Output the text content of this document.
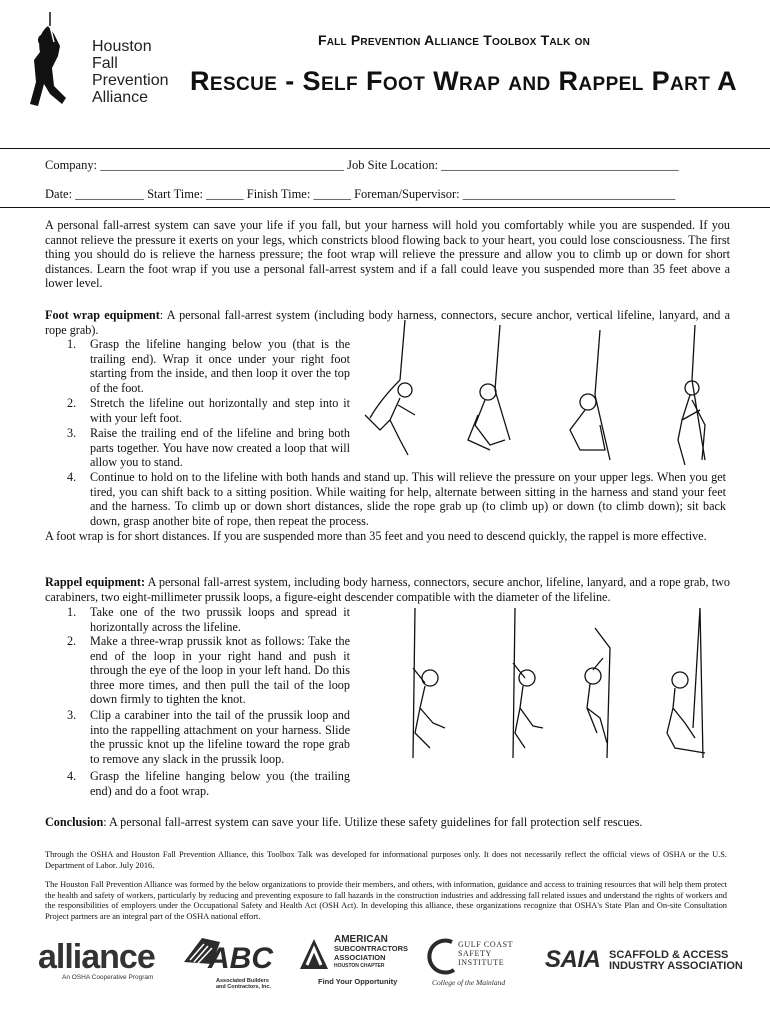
Houston
Fall
Prevention
Alliance
Fall Prevention Alliance Toolbox Talk on
Rescue - Self Foot Wrap and Rappel Part A
Company: _______________________________________ Job Site Location: ______________________________________
Date: ___________ Start Time: ______ Finish Time: ______ Foreman/Supervisor: __________________________________
A personal fall-arrest system can save your life if you fall, but your harness will hold you comfortably while you are suspended. If you cannot relieve the pressure it exerts on your legs, which constricts blood flowing back to your heart, you could lose consciousness. The first thing you should do is relieve the harness pressure; the foot wrap will relieve the pressure and allow you to climb up or down for short distances. Learn the foot wrap if you use a personal fall-arrest system and if a fall could leave you suspended more than 35 feet above a lower level.
Foot wrap equipment: A personal fall-arrest system (including body harness, connectors, secure anchor, vertical lifeline, lanyard, and a rope grab).
1. Grasp the lifeline hanging below you (that is the trailing end). Wrap it once under your right foot starting from the inside, and then loop it over the top of the foot.
2. Stretch the lifeline out horizontally and step into it with your left foot.
3. Raise the trailing end of the lifeline and bring both parts together. You have now created a loop that will allow you to stand.
4. Continue to hold on to the lifeline with both hands and stand up. This will relieve the pressure on your upper legs. When you get tired, you can shift back to a sitting position. While waiting for help, alternate between sitting in the harness and stand your feet and the harness. To climb up or down short distances, slide the rope grab up (to climb up) or down (to climb down); sit back down, grasp another bite of rope, then repeat the process.
A foot wrap is for short distances. If you are suspended more than 35 feet and you need to descend quickly, the rappel is more effective.
Rappel equipment: A personal fall-arrest system, including body harness, connectors, secure anchor, lifeline, lanyard, and a rope grab, two carabiners, two eight-millimeter prussik loops, a figure-eight descender compatible with the diameter of the lifeline.
1. Take one of the two prussik loops and spread it horizontally across the lifeline.
2. Make a three-wrap prussik knot as follows: Take the end of the loop in your right hand and push it through the eye of the loop in your left hand. Do this three more times, and then pull the tail of the loop down firmly to tighten the knot.
3. Clip a carabiner into the tail of the prussik loop and into the rappelling attachment on your harness. Slide the prussic knot up the lifeline toward the rope grab to remove any slack in the prussik loop.
4. Grasp the lifeline hanging below you (the trailing end) and do a foot wrap.
Conclusion: A personal fall-arrest system can save your life. Utilize these safety guidelines for fall protection self rescues.
Through the OSHA and Houston Fall Prevention Alliance, this Toolbox Talk was developed for informational purposes only. It does not necessarily reflect the official views of OSHA or the U.S. Department of Labor. July 2016.
The Houston Fall Prevention Alliance was formed by the below organizations to provide their members, and others, with information, guidance and access to training resources that will help them protect the health and safety of workers, particularly by reducing and preventing exposure to fall hazards in the construction industries and addressing fall related issues and understand the rights of workers and the responsibilities of employers under the Occupational Safety and Health Act (OSH Act). In developing this alliance, these organizations recognize that OSHA's State Plan and On-site Consultation Project partners are an integral part of the OSHA national effort.
alliance
An OSHA Cooperative Program
ABC
Associated Builders
and Contractors, Inc.
AMERICAN
SUBCONTRACTORS
ASSOCIATION
HOUSTON CHAPTER
Find Your Opportunity
GULF COAST
SAFETY INSTITUTE
College of the Mainland
SAIA SCAFFOLD & ACCESS
INDUSTRY ASSOCIATION
